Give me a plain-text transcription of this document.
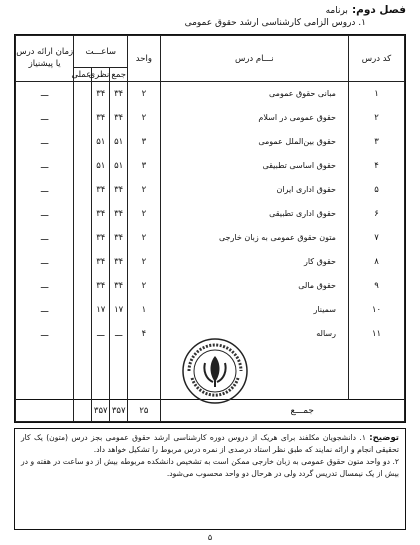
فصل دوم:
برنامه
۱. دروس الزامی کارشناسی ارشد حقوق عمومی
کد درس	نـــام درس	واحد	ساعـــت			زمان ارائه درس یا پیشنیاز
			جمع	نظری	عملی	
۱	مبانی حقوق عمومی	۲	۳۴	۳۴		ـــ
۲	حقوق عمومی در اسلام	۲	۳۴	۳۴		ـــ
۳	حقوق بین‌الملل عمومی	۳	۵۱	۵۱		ـــ
۴	حقوق اساسی تطبیقی	۳	۵۱	۵۱		ـــ
۵	حقوق اداری ایران	۲	۳۴	۳۴		ـــ
۶	حقوق اداری تطبیقی	۲	۳۴	۳۴		ـــ
۷	متون حقوق عمومی به زبان خارجی	۲	۳۴	۳۴		ـــ
۸	حقوق کار	۲	۳۴	۳۴		ـــ
۹	حقوق مالی	۲	۳۴	۳۴		ـــ
۱۰	سمینار	۱	۱۷	۱۷		ـــ
۱۱	رساله	۴	ـــ	ـــ		ـــ

جمـــع		۲۵	۳۵۷	۳۵۷		
توضیح: ۱. دانشجویان مکلفند برای هریک از دروس دوره کارشناسی ارشد حقوق عمومی بجز درس (متون) یک کار تحقیقی انجام و ارائه نمایند که طبق نظر استاد درصدی از نمره درس مربوط را تشکیل خواهد داد.
۲. دو واحد متون حقوق عمومی به زبان خارجی ممکن است به تشخیص دانشکده مربوطه بیش از دو ساعت در هفته و در بیش از یک نیمسال تدریس گردد ولی در هرحال دو واحد محسوب می‌شود.
۵
